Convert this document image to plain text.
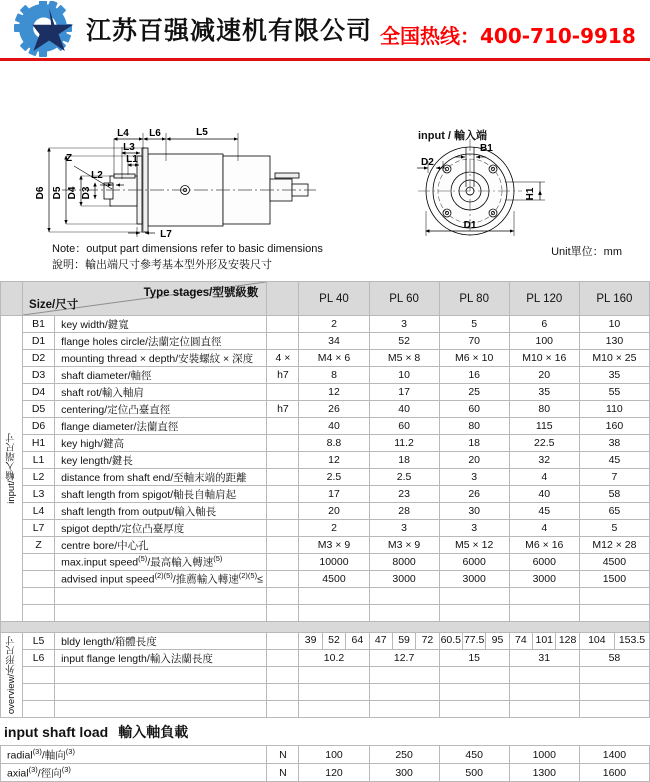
江苏百强减速机有限公司 全国热线：400-710-9918
L4 L6	L5
L3
L1
L2
Z
L7
D6 D5 D4 D3
B1
D2
H1
D1
input / 輸入端
Note：output part dimensions refer to basic dimensions
說明：輸出端尺寸參考基本型外形及安裝尺寸
Unit單位：mm

	Size/尺寸
Type stages/型號級數			PL 40	PL 60	PL 80	PL 120	PL 160

input/輸入端尺寸	B1	key width/鍵寬		2	3	5	6	10
	D1	flange holes circle/法蘭定位圓直徑		34	52	70	100	130
	D2	mounting thread × depth/安裝螺紋 × 深度	4 ×	M4 × 6	M5 × 8	M6 × 10	M10 × 16	M10 × 25
	D3	shaft diameter/軸徑	h7	8	10	16	20	35
	D4	shaft rot/輸入軸肩		12	17	25	35	55
	D5	centering/定位凸臺直徑	h7	26	40	60	80	110
	D6	flange diameter/法蘭直徑		40	60	80	115	160
	H1	key high/鍵高		8.8	11.2	18	22.5	38
	L1	key length/鍵長		12	18	20	32	45
	L2	distance from shaft end/至軸末端的距離		2.5	2.5	3	4	7
	L3	shaft length from spigot/軸長自軸肩起		17	23	26	40	58
	L4	shaft length from output/輸入軸長		20	28	30	45	65
	L7	spigot depth/定位凸臺厚度		2	3	3	4	5
	Z	centre bore/中心孔		M3 × 9	M3 × 9	M5 × 12	M6 × 16	M12 × 28
		max.input speed$^{(5)}$/最高輸入轉速$^{(5)}$		10000	8000	6000	6000	4500
		advised input speed$^{(2)(5)}$/推薦輸入轉速$^{(2)(5)}$≤		4500	3000	3000	3000	1500

overview/外形尺寸	L5	bldy length/箱體長度		39	52	64	47	59	72	60.5 77.5 95	74 101 128	104	153.5

	L6	input flange length/輸入法蘭長度		10.2	12.7	15	31	58

input shaft load 輸入軸負載
radial$^{(3)}$/軸向$^{(3)}$	N	100	250	450	1000	1400
axial$^{(3)}$/徑向$^{(3)}$	N	120	300	500	1300	1600
